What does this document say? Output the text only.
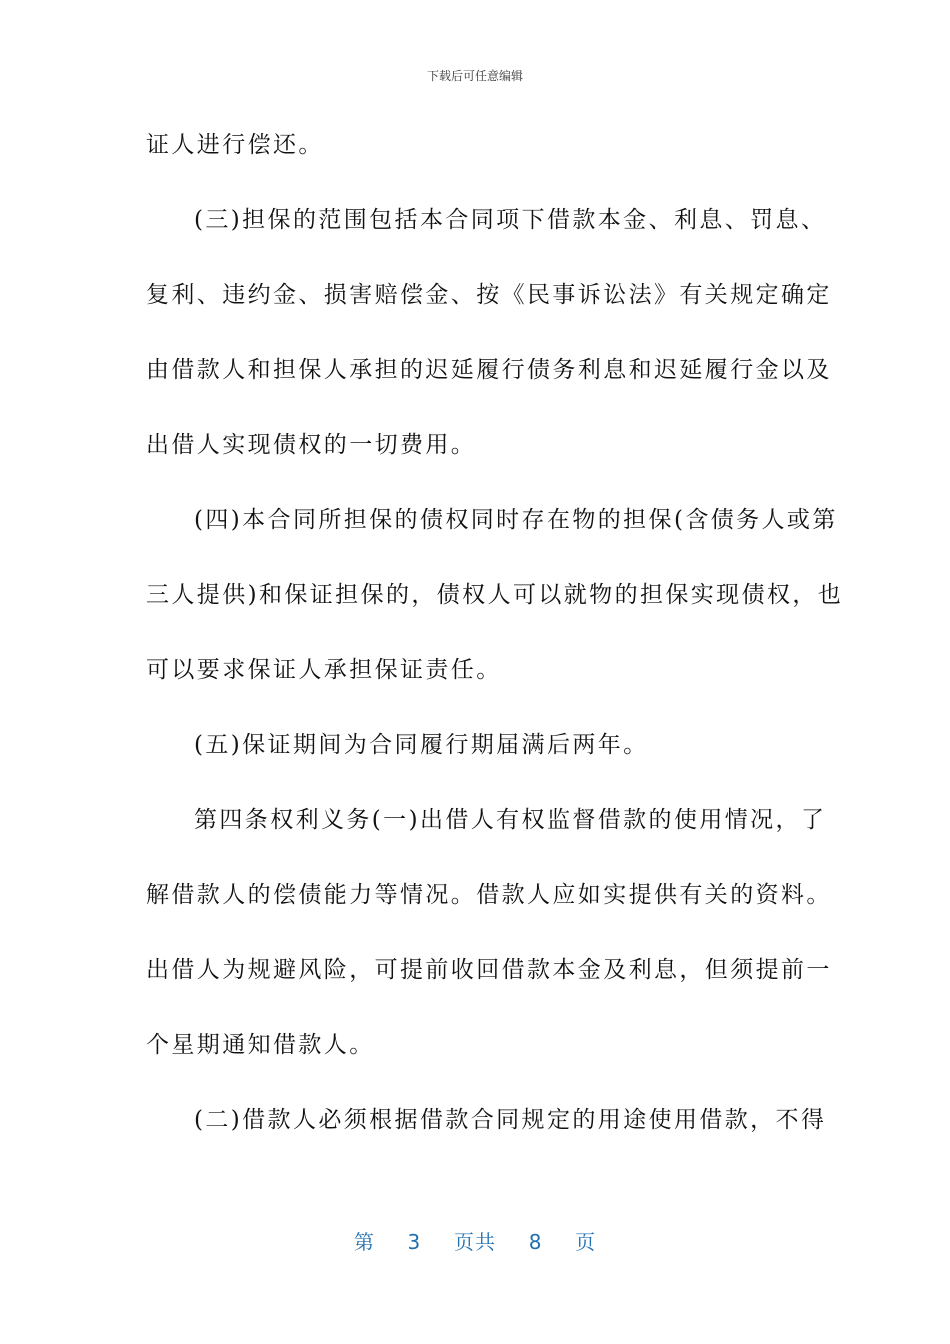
下载后可任意编辑
证人进行偿还。
(三)担保的范围包括本合同项下借款本金、利息、罚息、
复利、违约金、损害赔偿金、按《民事诉讼法》有关规定确定
由借款人和担保人承担的迟延履行债务利息和迟延履行金以及
出借人实现债权的一切费用。
(四)本合同所担保的债权同时存在物的担保(含债务人或第
三人提供)和保证担保的，债权人可以就物的担保实现债权，也
可以要求保证人承担保证责任。
(五)保证期间为合同履行期届满后两年。
第四条权利义务(一)出借人有权监督借款的使用情况，了
解借款人的偿债能力等情况。借款人应如实提供有关的资料。
出借人为规避风险，可提前收回借款本金及利息，但须提前一
个星期通知借款人。
(二)借款人必须根据借款合同规定的用途使用借款，不得
第 3 页共 8 页
